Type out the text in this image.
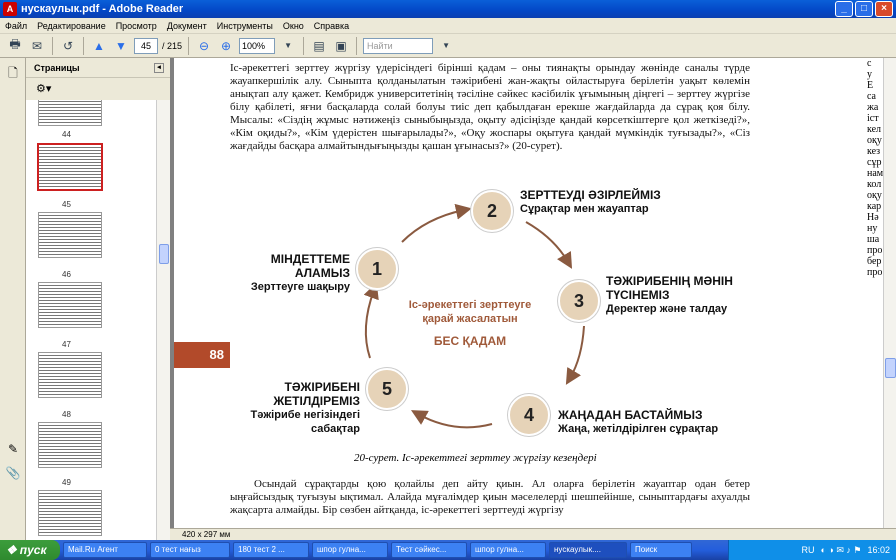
A нускаулык.pdf - Adobe Reader	_	□	×
Файл	Редактирование	Просмотр	Документ	Инструменты	Окно	Справка
🖶 ✉	↺	▲ ▼	45	/ 215	⊖ ⊕	100%	▼	▤ ▣	Найти	▼
🗋
✎
📎
Страницы	◂
⚙▾
44
45
46
47
48
49
Іс-әрекеттегі зерттеу жүргізу үдерісіндегі бірінші қадам – оны тиянақты орындау жөнінде саналы түрде жауапкершілік алу. Сыныпта қолданылатын тәжірибені жан-жақты ойластыруға берілетін уақыт көлемін анықтап алу қажет. Кембридж университетінің тәсіліне сәйкес кәсібилік ұғымының діңгегі – зерттеу жүргізе білу қабілеті, яғни басқаларда солай болуы тиіс деп қабылдаған ерекше жағдайларда да сұрақ қоя білу. Мысалы: «Сіздің жұмыс нәтижеңіз сыныбыңызда, оқыту әдісіңізде қандай көрсеткіштерге қол жеткізеді?», «Кім оқиды?», «Кім үдерістен шығарылады?», «Оқу жоспары оқытуға қандай мүмкіндік туғызады?», «Сіз жағдайды басқара алмайтындығыңызды қашан ұғынасыз?» (20-сурет).
88
Іс-әрекеттегі зерттеуге қарай жасалатын
БЕС ҚАДАМ
1
МІНДЕТТЕМЕ АЛАМЫЗ
Зерттеуге шақыру
2
ЗЕРТТЕУДІ ӘЗІРЛЕЙМІЗ
Сұрақтар мен жауаптар
3
ТӘЖІРИБЕНІҢ МӘНІН ТҮСІНЕМІЗ
Деректер және талдау
4	ЖАҢАДАН БАСТАЙМЫЗ
Жаңа, жетілдірілген сұрақтар
5
ТӘЖІРИБЕНІ ЖЕТІЛДІРЕМІЗ
Тәжірибе негізіндегі сабақтар
20-сурет. Іс-әрекеттегі зерттеу жүргізу кезеңдері
Осындай сұрақтарды қою қолайлы деп айту қиын. Ал оларға берілетін жауаптар одан бетер ыңғайсыздық туғызуы ықтимал. Алайда мұғалімдер қиын мәселелерді шешпейінше, сыныптардағы ахуалды жақсарта алмайды. Бір сөзбен айтқанда, іс-әрекеттегі зерттеуді жүргізу
с
у
Е
са
жа
іст
кел
оқу
кез
сұр
нам
кол
оқу
кар
Нә
ну
ша
про
бер
про
420 x 297 мм
❖ пуск	Mail.Ru Агент	0 тест нағыз	180 тест 2 ...	шпор гулна...	Тест сәйкес...	шпор гулна...	нускаулык....	Поиск	RU ◐ ◑ ✉ ♪ ⚑ 16:02
